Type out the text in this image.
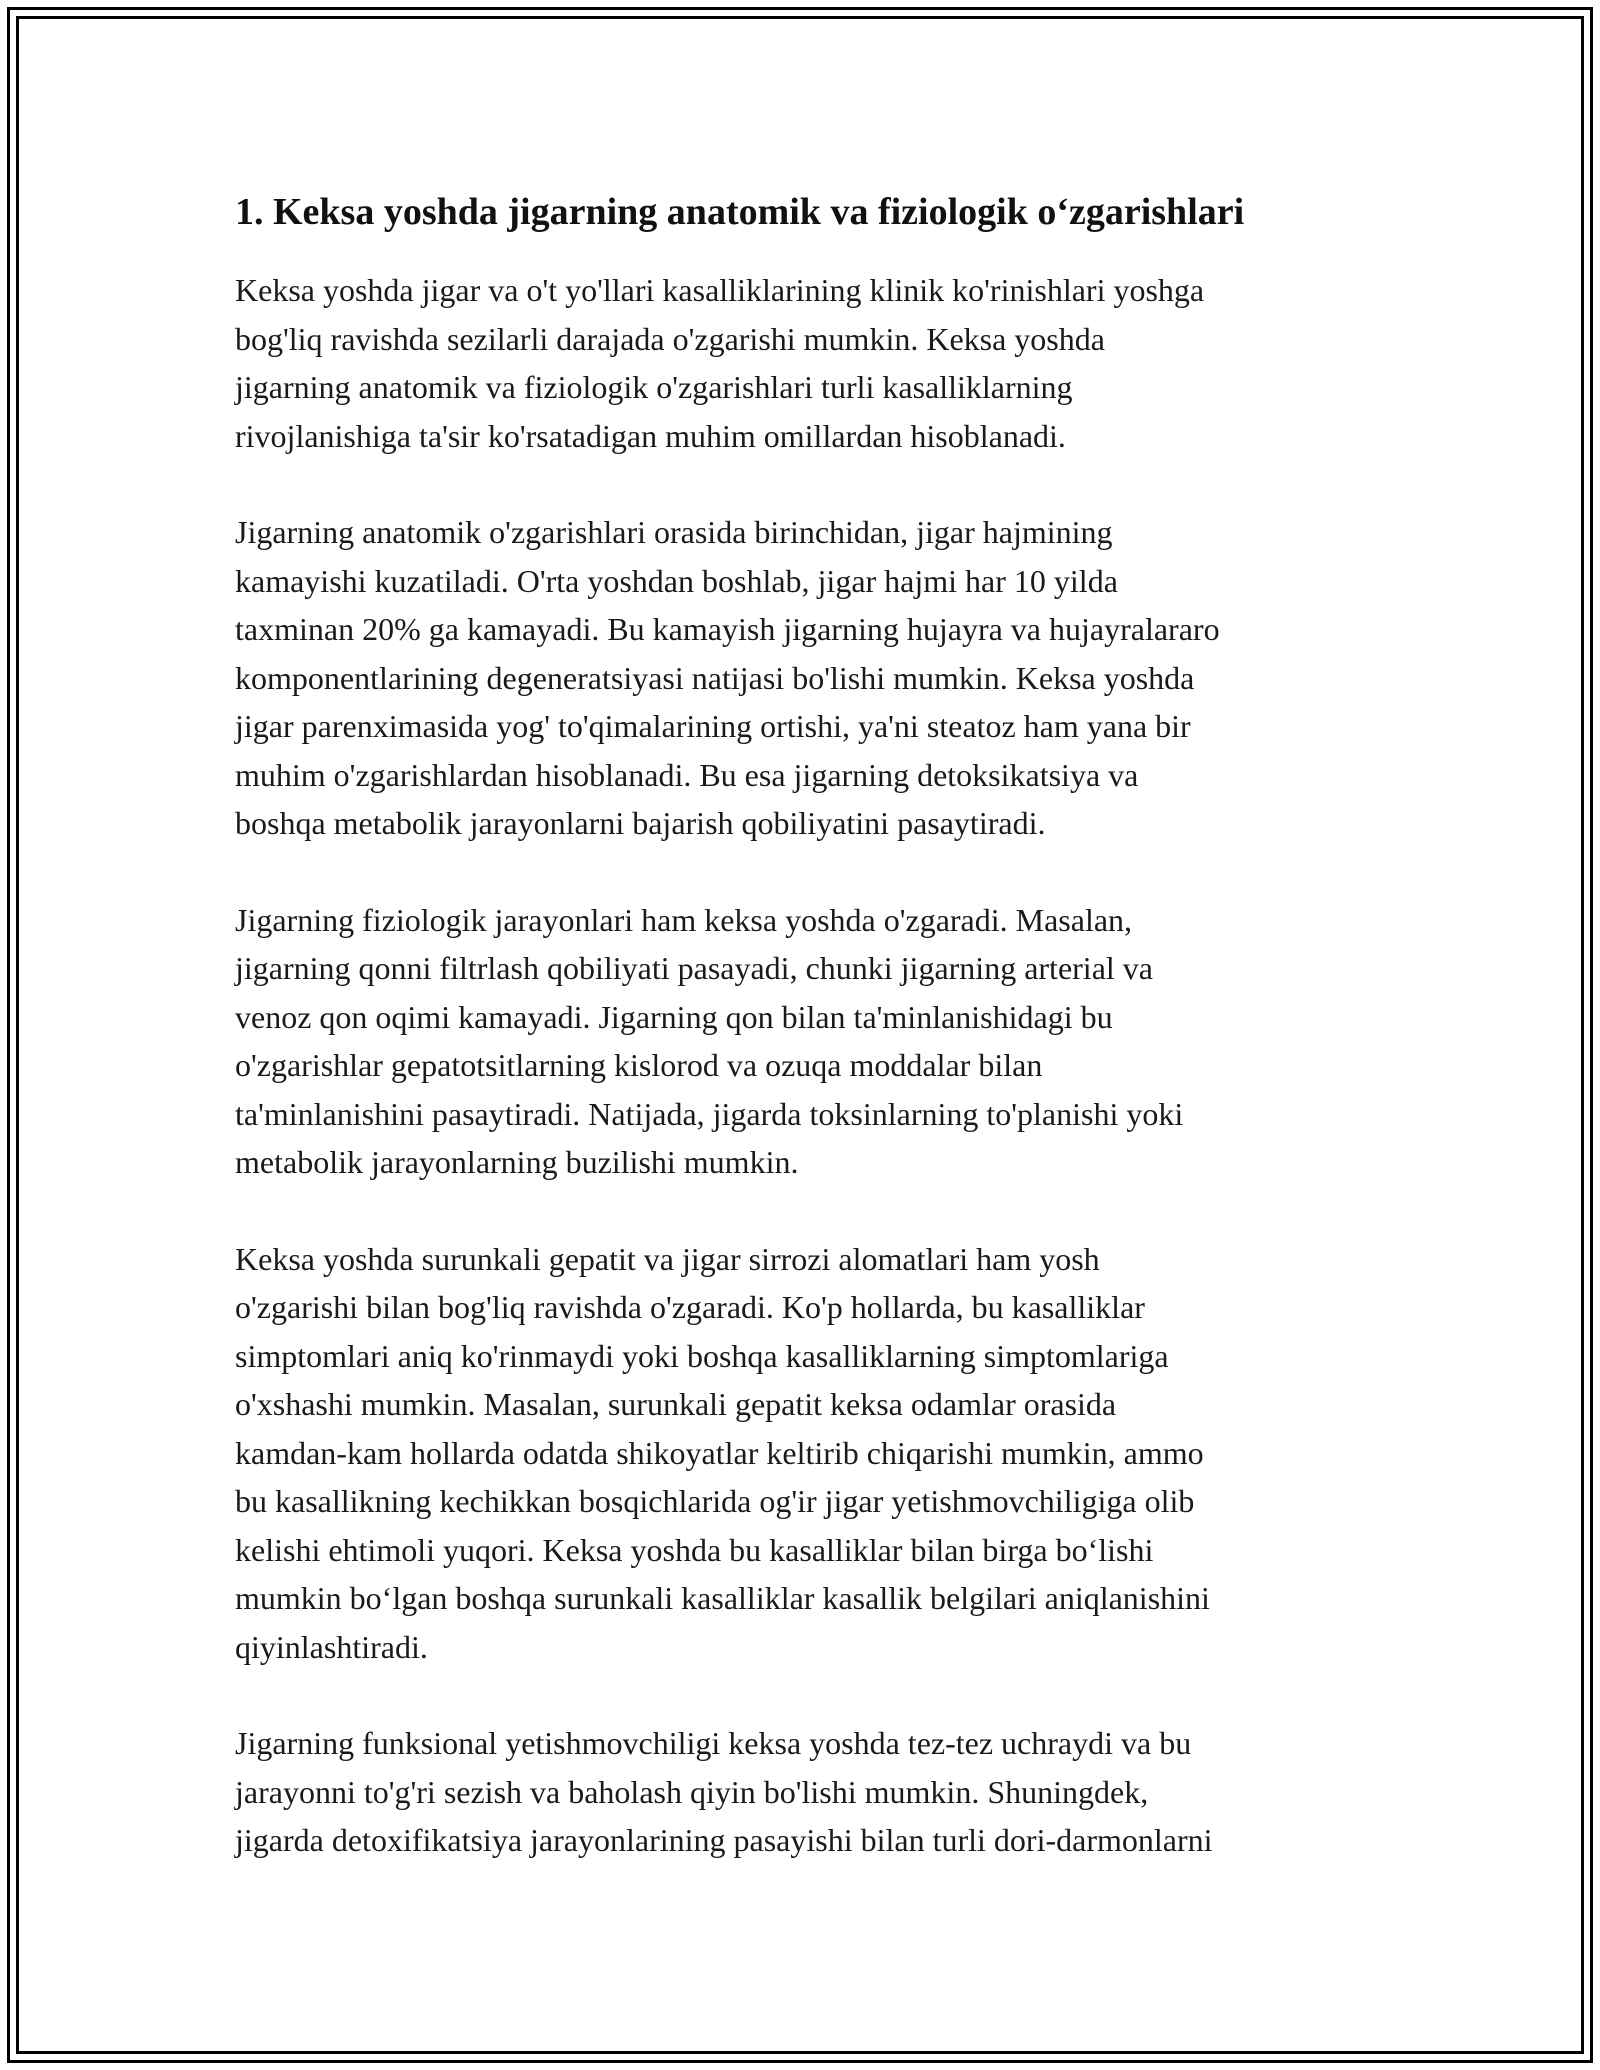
1. Keksa yoshda jigarning anatomik va fiziologik o‘zgarishlari

Keksa yoshda jigar va o't yo'llari kasalliklarining klinik ko'rinishlari yoshga
bog'liq ravishda sezilarli darajada o'zgarishi mumkin. Keksa yoshda
jigarning anatomik va fiziologik o'zgarishlari turli kasalliklarning
rivojlanishiga ta'sir ko'rsatadigan muhim omillardan hisoblanadi.

Jigarning anatomik o'zgarishlari orasida birinchidan, jigar hajmining
kamayishi kuzatiladi. O'rta yoshdan boshlab, jigar hajmi har 10 yilda
taxminan 20% ga kamayadi. Bu kamayish jigarning hujayra va hujayralararo
komponentlarining degeneratsiyasi natijasi bo'lishi mumkin. Keksa yoshda
jigar parenximasida yog' to'qimalarining ortishi, ya'ni steatoz ham yana bir
muhim o'zgarishlardan hisoblanadi. Bu esa jigarning detoksikatsiya va
boshqa metabolik jarayonlarni bajarish qobiliyatini pasaytiradi.

Jigarning fiziologik jarayonlari ham keksa yoshda o'zgaradi. Masalan,
jigarning qonni filtrlash qobiliyati pasayadi, chunki jigarning arterial va
venoz qon oqimi kamayadi. Jigarning qon bilan ta'minlanishidagi bu
o'zgarishlar gepatotsitlarning kislorod va ozuqa moddalar bilan
ta'minlanishini pasaytiradi. Natijada, jigarda toksinlarning to'planishi yoki
metabolik jarayonlarning buzilishi mumkin.

Keksa yoshda surunkali gepatit va jigar sirrozi alomatlari ham yosh
o'zgarishi bilan bog'liq ravishda o'zgaradi. Ko'p hollarda, bu kasalliklar
simptomlari aniq ko'rinmaydi yoki boshqa kasalliklarning simptomlariga
o'xshashi mumkin. Masalan, surunkali gepatit keksa odamlar orasida
kamdan-kam hollarda odatda shikoyatlar keltirib chiqarishi mumkin, ammo
bu kasallikning kechikkan bosqichlarida og'ir jigar yetishmovchiligiga olib
kelishi ehtimoli yuqori. Keksa yoshda bu kasalliklar bilan birga bo‘lishi
mumkin bo‘lgan boshqa surunkali kasalliklar kasallik belgilari aniqlanishini
qiyinlashtiradi.

Jigarning funksional yetishmovchiligi keksa yoshda tez-tez uchraydi va bu
jarayonni to'g'ri sezish va baholash qiyin bo'lishi mumkin. Shuningdek,
jigarda detoxifikatsiya jarayonlarining pasayishi bilan turli dori-darmonlarni
